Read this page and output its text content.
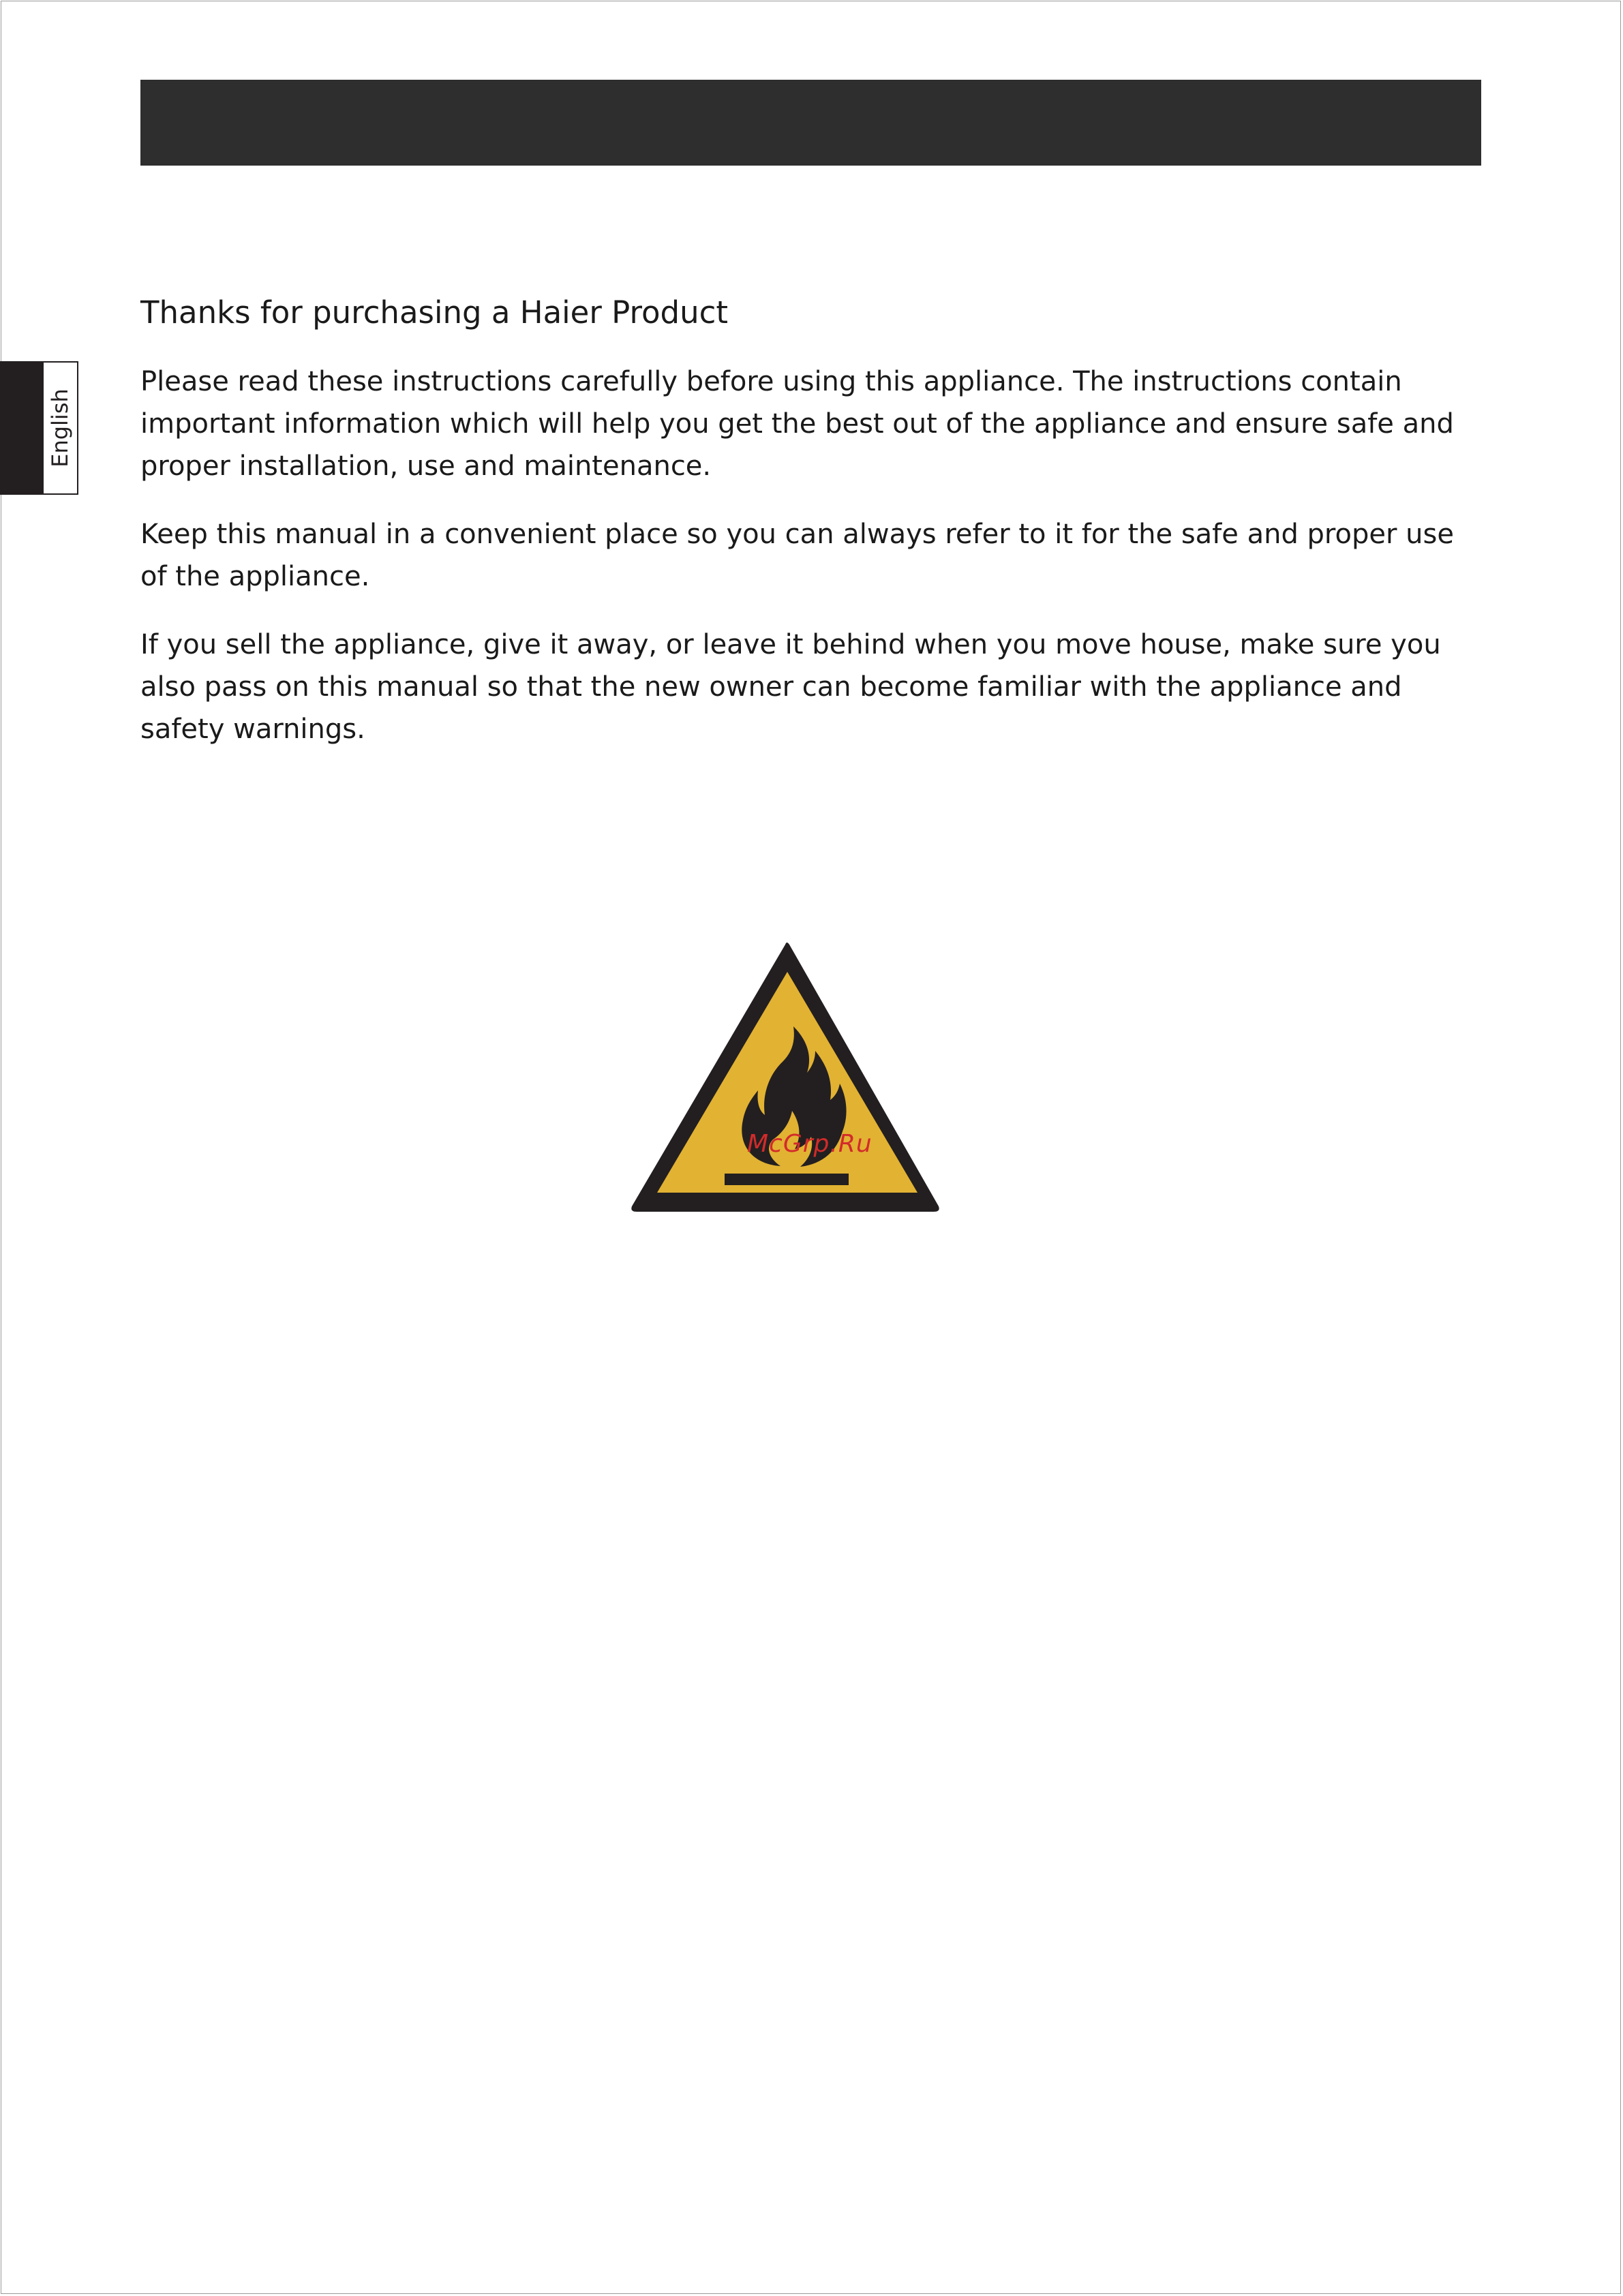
English
Thanks for purchasing a Haier Product

Please read these instructions carefully before using this appliance. The instructions contain important information which will help you get the best out of the appliance and ensure safe and proper installation, use and maintenance.

Keep this manual in a convenient place so you can always refer to it for the safe and proper use of the appliance.

If you sell the appliance, give it away, or leave it behind when you move house, make sure you also pass on this manual so that the new owner can become familiar with the appliance and safety warnings.

McGrp.Ru
